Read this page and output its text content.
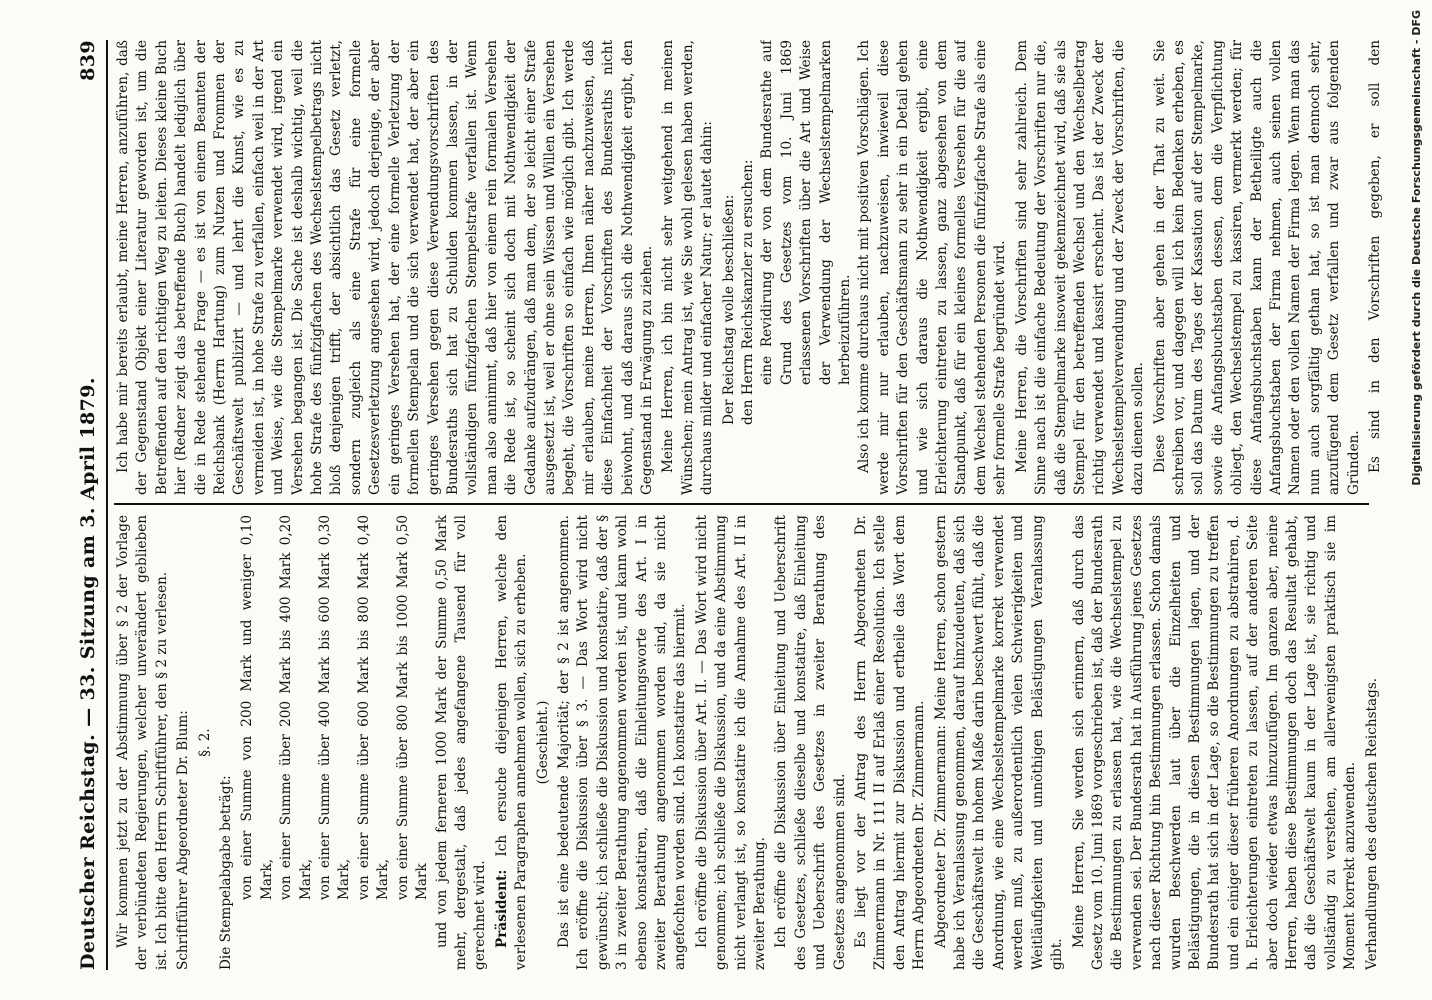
Deutscher Reichstag. — 33. Sitzung am 3. April 1879.
839

Wir kommen jetzt zu der Abstimmung über § 2 der Vorlage der verbündeten Regierungen, welcher unverändert geblieben ist. Ich bitte den Herrn Schriftführer, den § 2 zu verlesen. Schriftführer Abgeordneter Dr. Blum: §. 2.

Die Stempelabgabe beträgt: von einer Summe von 200 Mark und weniger 0,10 Mark, von einer Summe über 200 Mark bis 400 Mark 0,20 Mark, von einer Summe über 400 Mark bis 600 Mark 0,30 Mark, von einer Summe über 600 Mark bis 800 Mark 0,40 Mark, von einer Summe über 800 Mark bis 1000 Mark 0,50 Mark und von jedem ferneren 1000 Mark der Summe 0,50 Mark mehr, dergestalt, daß jedes angefangene Tausend für voll gerechnet wird. Präsident: Ich ersuche diejenigen Herren, welche den verlesenen Paragraphen annehmen wollen, sich zu erheben. (Geschieht.) Das ist eine bedeutende Majorität; der § 2 ist angenommen. Ich eröffne die Diskussion über § 3. — Das Wort wird nicht gewünscht; ich schließe die Diskussion und konstatire, daß der § 3 in zweiter Berathung angenommen worden ist, und kann wohl ebenso konstatiren, daß die Einleitungsworte des Art. I in zweiter Berathung angenommen worden sind, da sie nicht angefochten worden sind. Ich konstatire das hiermit. Ich eröffne die Diskussion über Art. II. — Das Wort wird nicht genommen; ich schließe die Diskussion, und da eine Abstimmung nicht verlangt ist, so konstatire ich die Annahme des Art. II in zweiter Berathung. Ich eröffne die Diskussion über Einleitung und Ueberschrift des Gesetzes, schließe dieselbe und konstatire, daß Einleitung und Ueberschrift des Gesetzes in zweiter Berathung des Gesetzes angenommen sind. Es liegt vor der Antrag des Herrn Abgeordneten Dr. Zimmermann in Nr. 111 II auf Erlaß einer Resolution. Ich stelle den Antrag hiermit zur Diskussion und ertheile das Wort dem Herrn Abgeordneten Dr. Zimmermann. Abgeordneter Dr. Zimmermann: Meine Herren, schon gestern habe ich Veranlassung genommen, darauf hinzudeuten, daß sich die Geschäftswelt in hohem Maße darin beschwert fühlt, daß die Anordnung, wie eine Wechselstempelmarke korrekt verwendet werden muß, zu außerordentlich vielen Schwierigkeiten und Weitläufigkeiten und unnöthigen Belästigungen Veranlassung gibt.

Meine Herren, Sie werden sich erinnern, daß durch das Gesetz vom 10. Juni 1869 vorgeschrieben ist, daß der Bundesrath die Bestimmungen zu erlassen hat, wie die Wechselstempel zu verwenden sei. Der Bundesrath hat in Ausführung jenes Gesetzes nach dieser Richtung hin Bestimmungen erlassen. Schon damals wurden Beschwerden laut über die Einzelheiten und Belästigungen, die in diesen Bestimmungen lagen, und der Bundesrath hat sich in der Lage, so die Bestimmungen zu treffen und ein einiger dieser früheren Anordnungen zu abstrahiren, d. h. Erleichterungen eintreten zu lassen, auf der anderen Seite aber doch wieder etwas hinzuzufügen. Im ganzen aber, meine Herren, haben diese Bestimmungen doch das Resultat gehabt, daß die Geschäftswelt kaum in der Lage ist, sie richtig und vollständig zu verstehen, am allerwenigsten praktisch sie im Moment korrekt anzuwenden. Verhandlungen des deutschen Reichstags.

Ich habe mir bereits erlaubt, meine Herren, anzuführen, daß der Gegenstand Objekt einer Literatur geworden ist, um die Betreffenden auf den richtigen Weg zu leiten. Dieses kleine Buch hier (Redner zeigt das betreffende Buch) handelt lediglich über die in Rede stehende Frage — es ist von einem Beamten der Reichsbank (Herrn Hartung) zum Nutzen und Frommen der Geschäftswelt publizirt — und lehrt die Kunst, wie es zu vermeiden ist, in hohe Strafe zu verfallen, einfach weil in der Art und Weise, wie die Stempelmarke verwendet wird, irgend ein Versehen begangen ist. Die Sache ist deshalb wichtig, weil die hohe Strafe des fünfzigfachen des Wechselstempelbetrags nicht bloß denjenigen trifft, der absichtlich das Gesetz verletzt, sondern zugleich als eine Strafe für eine formelle Gesetzesverletzung angesehen wird, jedoch derjenige, der aber ein geringes Versehen hat, der eine formelle Verletzung der formellen Stempelan und die sich verwendet hat, der aber ein geringes Versehen gegen diese Verwendungsvorschriften des Bundesraths sich hat zu Schulden kommen lassen, in der vollständigen fünfzigfachen Stempelstrafe verfallen ist. Wenn man also annimmt, daß hier von einem rein formalen Versehen die Rede ist, so scheint sich doch mit Nothwendigkeit der Gedanke aufzudrängen, daß man dem, der so leicht einer Strafe ausgesetzt ist, weil er ohne sein Wissen und Willen ein Versehen begeht, die Vorschriften so einfach wie möglich gibt. Ich werde mir erlauben, meine Herren, Ihnen näher nachzuweisen, daß diese Einfachheit der Vorschriften des Bundesraths nicht beiwohnt, und daß daraus sich die Nothwendigkeit ergibt, den Gegenstand in Erwägung zu ziehen. Meine Herren, ich bin nicht sehr weitgehend in meinen Wünschen; mein Antrag ist, wie Sie wohl gelesen haben werden, durchaus milder und einfacher Natur; er lautet dahin: Der Reichstag wolle beschließen: den Herrn Reichskanzler zu ersuchen: eine Revidirung der von dem Bundesrathe auf Grund des Gesetzes vom 10. Juni 1869 erlassenen Vorschriften über die Art und Weise der Verwendung der Wechselstempelmarken herbeizuführen. Also ich komme durchaus nicht mit positiven Vorschlägen. Ich werde mir nur erlauben, nachzuweisen, inwieweil diese Vorschriften für den Geschäftsmann zu sehr in ein Detail gehen und wie sich daraus die Nothwendigkeit ergibt, eine Erleichterung eintreten zu lassen, ganz abgesehen von dem Standpunkt, daß für ein kleines formelles Versehen für die auf dem Wechsel stehenden Personen die fünfzigfache Strafe als eine sehr formelle Strafe begründet wird. Meine Herren, die Vorschriften sind sehr zahlreich. Dem Sinne nach ist die einfache Bedeutung der Vorschriften nur die, daß die Stempelmarke insoweit gekennzeichnet wird, daß sie als Stempel für den betreffenden Wechsel und den Wechselbetrag richtig verwendet und kassirt erscheint. Das ist der Zweck der Wechselstempelverwendung und der Zweck der Vorschriften, die dazu dienen sollen. Diese Vorschriften aber gehen in der That zu weit. Sie schreiben vor, und dagegen will ich kein Bedenken erheben, es soll das Datum des Tages der Kassation auf der Stempelmarke, sowie die Anfangsbuchstaben dessen, dem die Verpflichtung obliegt, den Wechselstempel zu kassiren, vermerkt werden; für diese Anfangsbuchstaben kann der Betheiligte auch die Anfangsbuchstaben der Firma nehmen, auch seinen vollen Namen oder den vollen Namen der Firma legen. Wenn man das nun auch sorgfältig gethan hat, so ist man dennoch sehr, anzufügend dem Gesetz verfallen und zwar aus folgenden Gründen. Es sind in den Vorschriften gegeben, er soll den	Digitalisierung gefördert durch die Deutsche Forschungsgemeinschaft - DFG
